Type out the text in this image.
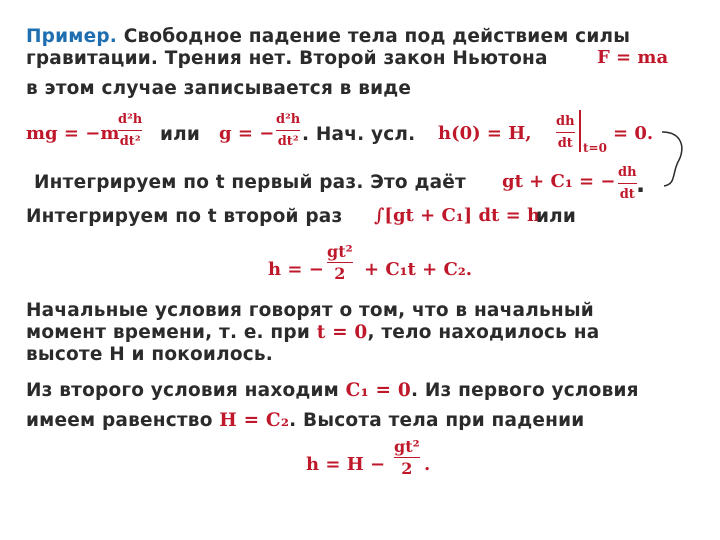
Пример. Свободное падение тела под действием силы
гравитации. Трения нет. Второй закон Ньютона	F = ma
в этом случае записывается в виде
mg = −m
d²h
dt² или g = −
d²h
dt² . Нач. усл. h(0) = H,
dh
dt t=0
= 0.
Интегрируем по t первый раз. Это даёт gt + C₁ = − dh
dt .
Интегрируем по t второй раз ∫[gt + C₁] dt = h
или
h = −
gt²
2 + C₁t + C₂.
Начальные условия говорят о том, что в начальный
момент времени, т. е. при t = 0, тело находилось на
высоте H и покоилось.
Из второго условия находим C₁ = 0. Из первого условия
имеем равенство H = C₂. Высота тела при падении
h = H −
gt²
2 .
